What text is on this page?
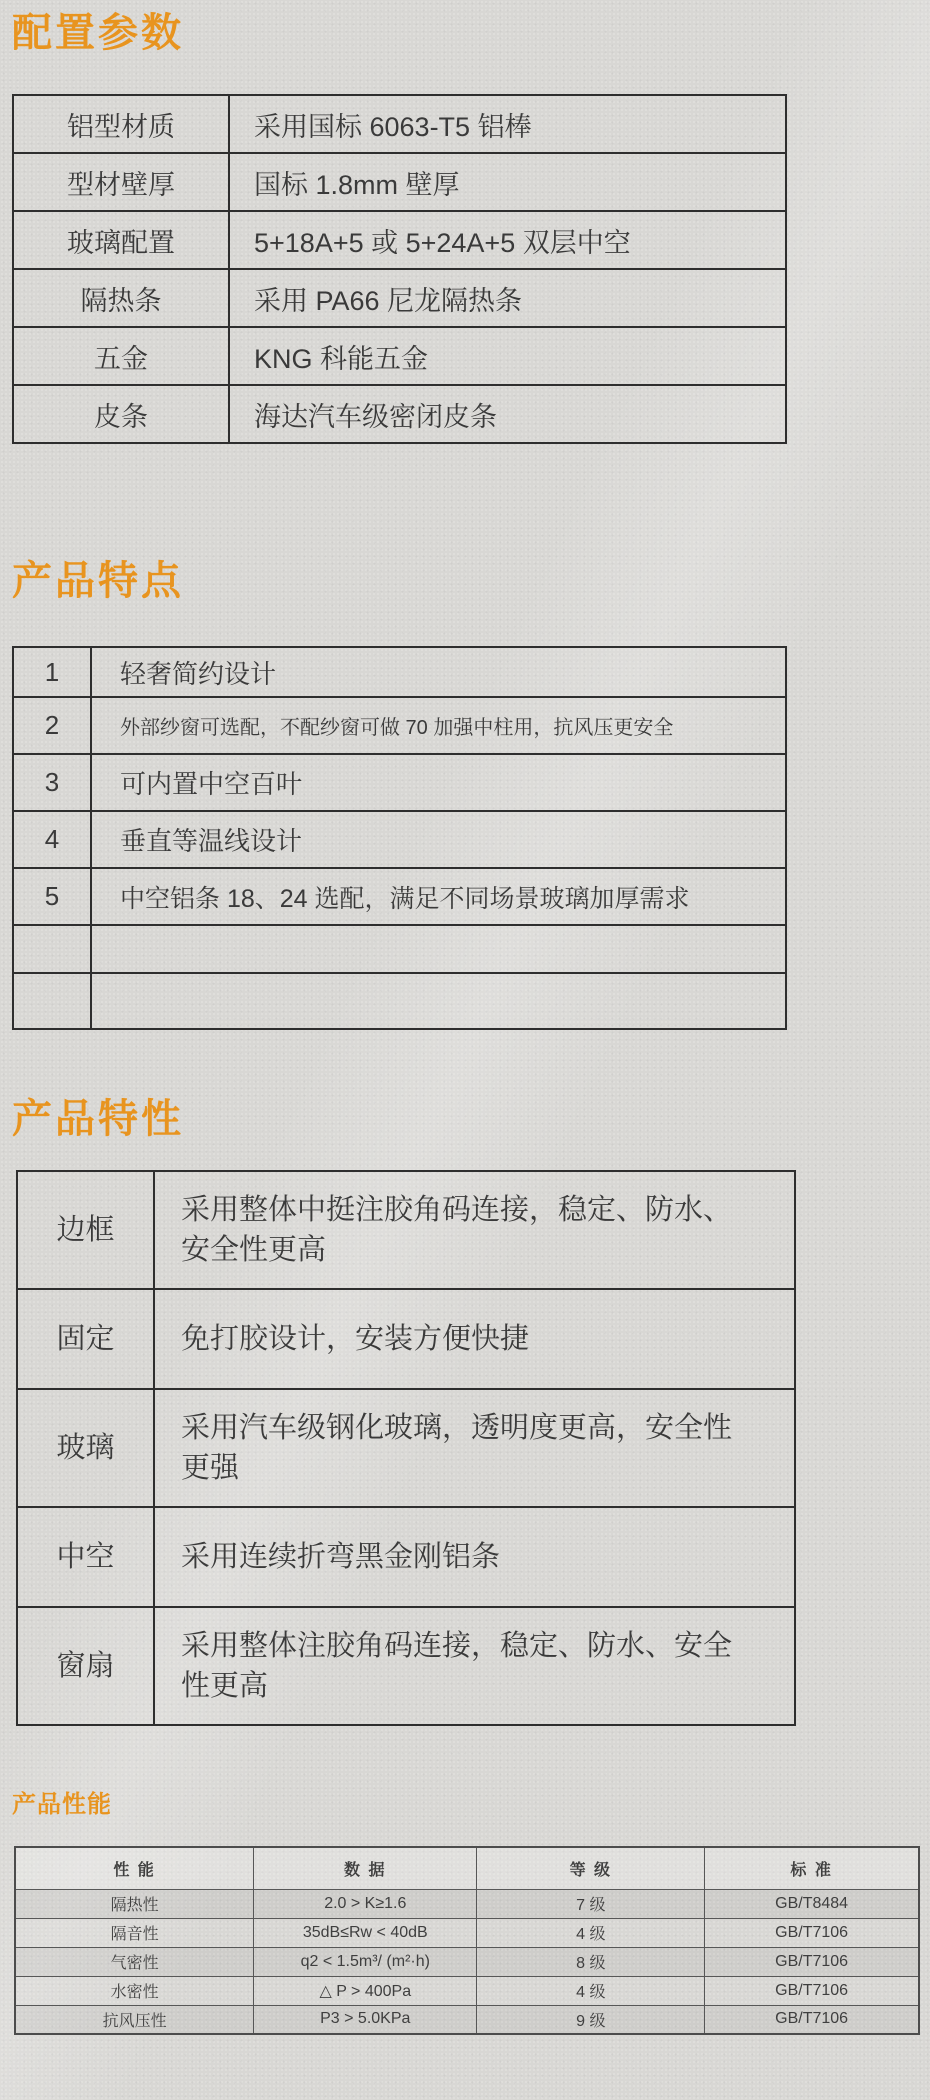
配置参数
铝型材质	采用国标 6063-T5 铝棒
型材壁厚	国标 1.8mm 壁厚
玻璃配置	5+18A+5 或 5+24A+5 双层中空
隔热条	采用 PA66 尼龙隔热条
五金	KNG 科能五金
皮条	海达汽车级密闭皮条
产品特点
1	轻奢简约设计
2	外部纱窗可选配，不配纱窗可做 70 加强中柱用，抗风压更安全
3	可内置中空百叶
4	垂直等温线设计
5	中空铝条 18、24 选配，满足不同场景玻璃加厚需求

产品特性
边框	采用整体中挺注胶角码连接，稳定、防水、安全性更高
固定	免打胶设计，安装方便快捷
玻璃	采用汽车级钢化玻璃，透明度更高，安全性更强
中空	采用连续折弯黑金刚铝条
窗扇	采用整体注胶角码连接，稳定、防水、安全性更高
产品性能
性 能	数 据	等 级	标 准
隔热性	2.0 > K≥1.6	7 级	GB/T8484
隔音性	35dB≤Rw < 40dB	4 级	GB/T7106
气密性	q2 < 1.5m³/ (m²·h)	8 级	GB/T7106
水密性	△ P > 400Pa	4 级	GB/T7106
抗风压性	P3 > 5.0KPa	9 级	GB/T7106
